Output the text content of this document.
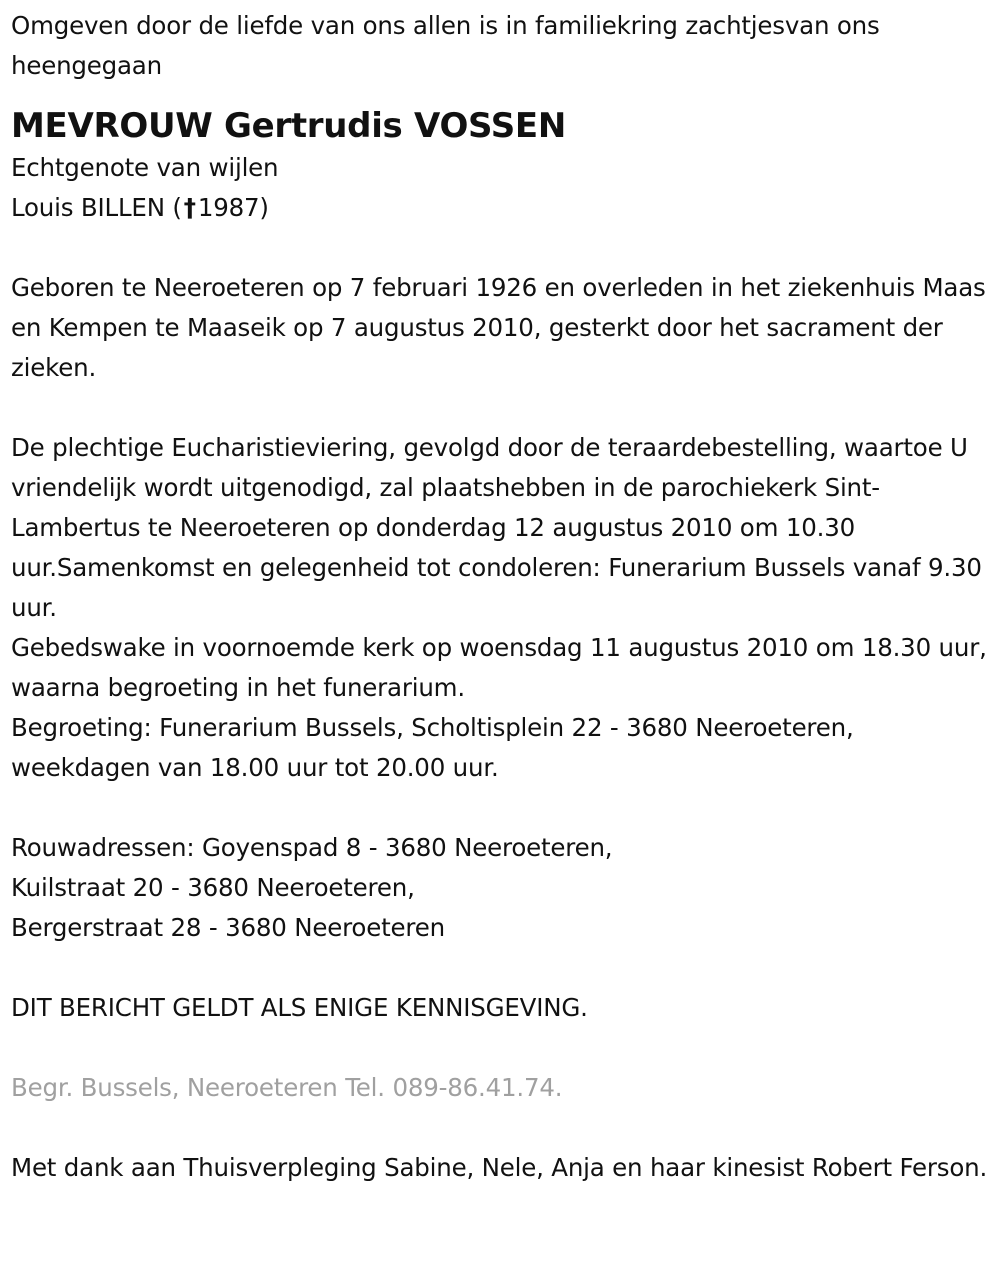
Omgeven door de liefde van ons allen is in familiekring zachtjesvan ons heengegaan

MEVROUW Gertrudis VOSSEN

Echtgenote van wijlen

Louis BILLEN (†1987)

Geboren te Neeroeteren op 7 februari 1926 en overleden in het ziekenhuis Maas en Kempen te Maaseik op 7 augustus 2010, gesterkt door het sacrament der zieken.

De plechtige Eucharistieviering, gevolgd door de teraardebestelling, waartoe U vriendelijk wordt uitgenodigd, zal plaatshebben in de parochiekerk Sint-Lambertus te Neeroeteren op donderdag 12 augustus 2010 om 10.30 uur.Samenkomst en gelegenheid tot condoleren: Funerarium Bussels vanaf 9.30 uur.

Gebedswake in voornoemde kerk op woensdag 11 augustus 2010 om 18.30 uur, waarna begroeting in het funerarium.

Begroeting: Funerarium Bussels, Scholtisplein 22 - 3680 Neeroeteren, weekdagen van 18.00 uur tot 20.00 uur.

Rouwadressen: Goyenspad 8 - 3680 Neeroeteren,
Kuilstraat 20 - 3680 Neeroeteren,
Bergerstraat 28 - 3680 Neeroeteren

DIT BERICHT GELDT ALS ENIGE KENNISGEVING.

Begr. Bussels, Neeroeteren Tel. 089-86.41.74.

Met dank aan Thuisverpleging Sabine, Nele, Anja en haar kinesist Robert Ferson.
